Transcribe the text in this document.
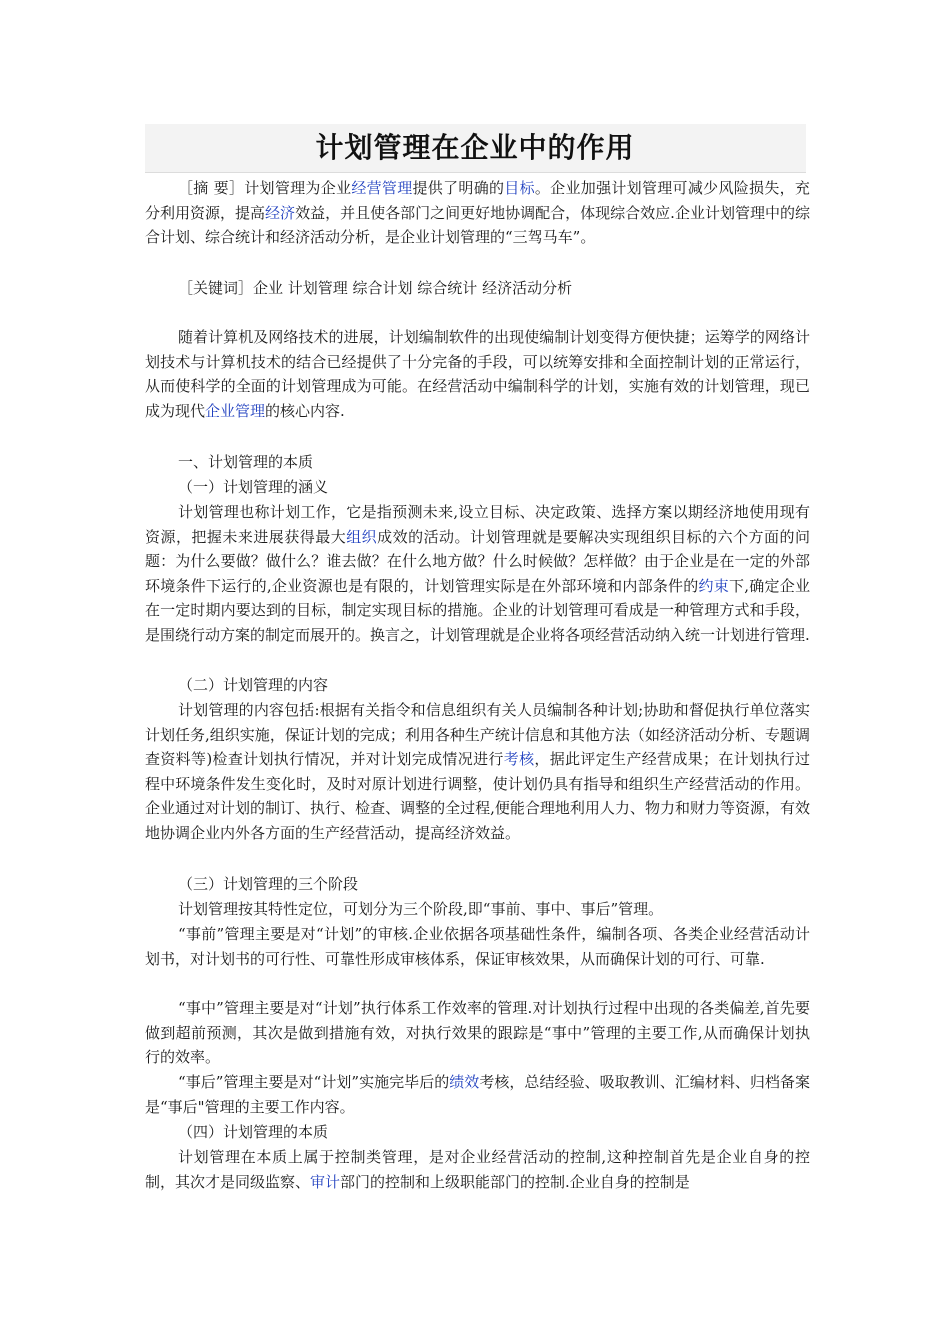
计划管理在企业中的作用

［摘 要］计划管理为企业经营管理提供了明确的目标。企业加强计划管理可减少风险损失，充分利用资源，提高经济效益，并且使各部门之间更好地协调配合，体现综合效应.企业计划管理中的综合计划、综合统计和经济活动分析，是企业计划管理的“三驾马车”。

［关键词］企业 计划管理 综合计划 综合统计 经济活动分析

随着计算机及网络技术的进展，计划编制软件的出现使编制计划变得方便快捷；运筹学的网络计划技术与计算机技术的结合已经提供了十分完备的手段，可以统筹安排和全面控制计划的正常运行，从而使科学的全面的计划管理成为可能。在经营活动中编制科学的计划，实施有效的计划管理，现已成为现代企业管理的核心内容.

一、计划管理的本质

（一）计划管理的涵义

计划管理也称计划工作，它是指预测未来,设立目标、决定政策、选择方案以期经济地使用现有资源，把握未来进展获得最大组织成效的活动。计划管理就是要解决实现组织目标的六个方面的问题：为什么要做？做什么？谁去做？在什么地方做？什么时候做？怎样做？由于企业是在一定的外部环境条件下运行的,企业资源也是有限的，计划管理实际是在外部环境和内部条件的约束下,确定企业在一定时期内要达到的目标，制定实现目标的措施。企业的计划管理可看成是一种管理方式和手段，是围绕行动方案的制定而展开的。换言之，计划管理就是企业将各项经营活动纳入统一计划进行管理.

（二）计划管理的内容

计划管理的内容包括:根据有关指令和信息组织有关人员编制各种计划;协助和督促执行单位落实计划任务,组织实施，保证计划的完成；利用各种生产统计信息和其他方法（如经济活动分析、专题调查资料等)检查计划执行情况，并对计划完成情况进行考核，据此评定生产经营成果；在计划执行过程中环境条件发生变化时，及时对原计划进行调整，使计划仍具有指导和组织生产经营活动的作用。企业通过对计划的制订、执行、检查、调整的全过程,便能合理地利用人力、物力和财力等资源，有效地协调企业内外各方面的生产经营活动，提高经济效益。

（三）计划管理的三个阶段

计划管理按其特性定位，可划分为三个阶段,即“事前、事中、事后”管理。

“事前”管理主要是对“计划”的审核.企业依据各项基础性条件，编制各项、各类企业经营活动计划书，对计划书的可行性、可靠性形成审核体系，保证审核效果，从而确保计划的可行、可靠.

“事中”管理主要是对“计划”执行体系工作效率的管理.对计划执行过程中出现的各类偏差,首先要做到超前预测，其次是做到措施有效，对执行效果的跟踪是“事中”管理的主要工作,从而确保计划执行的效率。

“事后”管理主要是对“计划”实施完毕后的绩效考核，总结经验、吸取教训、汇编材料、归档备案是“事后"管理的主要工作内容。

（四）计划管理的本质

计划管理在本质上属于控制类管理，是对企业经营活动的控制,这种控制首先是企业自身的控制，其次才是同级监察、审计部门的控制和上级职能部门的控制.企业自身的控制是
